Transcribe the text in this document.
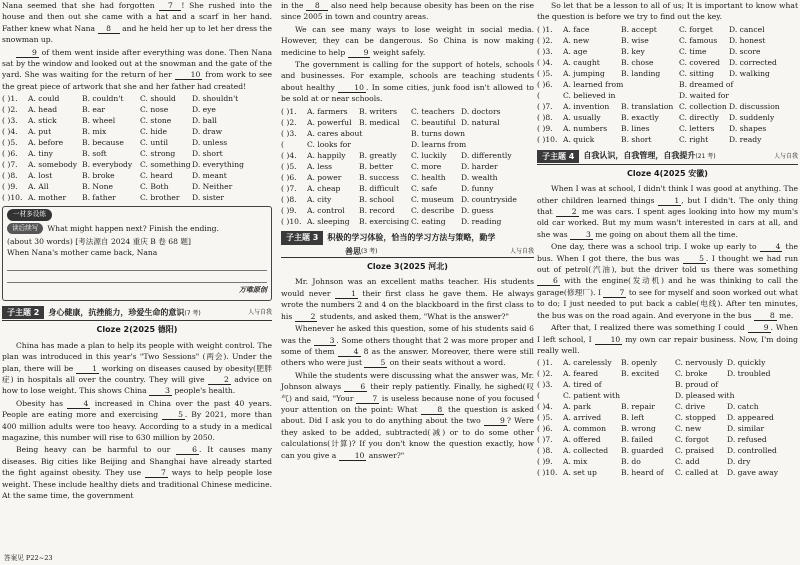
Nana seemed that she had forgotten 7 ! She rushed into the house and then out she came with a hat and a scarf in her hand. Father knew what Nana 8 and he held her up to let her dress the snowman up.

9 of them went inside after everything was done. Then Nana sat by the window and looked out at the snowman and the gate of the yard. She was waiting for the return of her 10 from work to see the great piece of artwork that she and her father had created!

( )1.	A. could	B. couldn't	C. should	D. shouldn't
( )2.	A. head	B. ear	C. nose	D. eye
( )3.	A. stick	B. wheel	C. stone	D. ball
( )4.	A. put	B. mix	C. hide	D. draw
( )5.	A. before	B. because	C. until	D. unless
( )6.	A. tiny	B. soft	C. strong	D. short
( )7.	A. somebody B. everybody	C. something D. everything
( )8.	A. lost	B. broke	C. heard	D. meant
( )9.	A. All	B. None	C. Both	D. Neither
( )10. A. mother	B. father	C. brother	D. sister
一材多设练
读后续写	What might happen next? Finish the ending.
(about 30 words) [考法源自 2024 重庆 B 卷 68 题]
When Nana's mother came back, Nana
万唯原创
子主题 2	身心健康，抗挫能力，珍爱生命的意识(7 考)	人与自我
Cloze 2(2025 德阳)

China has made a plan to help its people with weight control. The plan was introduced in this year's "Two Sessions" (两会). Under the plan, there will be 1 working on diseases caused by obesity(肥胖症) in hospitals all over the country. They will give 2 advice on how to lose weight. This shows China 3 people's health.

Obesity has 4 increased in China over the past 40 years. People are eating more and exercising 5 . By 2021, more than 400 million adults were too heavy. According to a study in a medical magazine, this number will rise to 630 million by 2050.

Being heavy can be harmful to our 6 . It causes many diseases. Big cities like Beijing and Shanghai have already started the fight against obesity. They use 7 ways to help people lose weight. These include healthy diets and traditional Chinese medicine. At the same time, the government

答案见 P22~23

in the 8 also need help because obesity has been on the rise since 2005 in town and country areas.

We can see many ways to lose weight in social media. However, they can be dangerous. So China is now making medicine to help 9 weight safely.

The government is calling for the support of hotels, schools and businesses. For example, schools are teaching students about healthy 10 . In some cities, junk food isn't allowed to be sold at or near schools.

( )1.	A. farmers	B. writers	C. teachers D. doctors
( )2.	A. powerful B. medical	C. beautiful D. natural
( )3.	A. cares about	B. turns down
(	C. looks for	D. learns from
( )4.	A. happily	B. greatly	C. luckily	D. differently
( )5.	A. less	B. better	C. more	D. harder
( )6.	A. power	B. success	C. health	D. wealth
( )7.	A. cheap	B. difficult	C. safe	D. funny
( )8.	A. city	B. school	C. museum D. countryside
( )9.	A. control	B. record	C. describe D. guess
( )10. A. sleeping	B. exercising C. eating	D. reading
子主题 3	积极的学习体验，恰当的学习方法与策略，勤学
善思 (3 考)	人与自我
Cloze 3(2025 河北)

Mr. Johnson was an excellent maths teacher. His students would never 1 their first class he gave them. He always wrote the numbers 2 and 4 on the blackboard in the first class to his 2 students, and asked them, "What is the answer?"

Whenever he asked this question, some of his students said 6 was the 3 . Some others thought that 2 was more proper and some of them 4 8 as the answer. Moreover, there were still others who were just 5 on their seats without a word.

While the students were discussing what the answer was, Mr. Johnson always 6 their reply patiently. Finally, he sighed(叹气) and said, "Your 7 is useless because none of you focused your attention on the point: What 8 the question is asked about. Did I ask you to do anything about the two 9 ? Were they asked to be added, subtracted(减) or to do some other calculations(计算)? If you don't know the question exactly, how can you give a 10 answer?"

So let that be a lesson to all of us; It is important to know what the question is before we try to find out the key.

( )1.	A. face	B. accept	C. forget	D. cancel
( )2.	A. new	B. wise	C. famous	D. honest
( )3.	A. age	B. key	C. time	D. score
( )4.	A. caught	B. chose	C. covered	D. corrected
( )5.	A. jumping	B. landing	C. sitting	D. walking
( )6.	A. learned from	B. dreamed of
(	C. believed in	D. waited for
( )7.	A. invention	B. translation C. collection D. discussion
( )8.	A. usually	B. exactly	C. directly	D. suddenly
( )9.	A. numbers	B. lines	C. letters	D. shapes
( )10. A. quick	B. short	C. right	D. ready
子主题 4	自我认识，自我管理，自我提升(21 考)	人与自我
Cloze 4(2025 安徽)

When I was at school, I didn't think I was good at anything. The other children learned things 1 , but I didn't. The only thing that 2 me was cars. I spent ages looking into how my mum's old car worked. But my mum wasn't interested in cars at all, and she was 3 me going on about them all the time.

One day, there was a school trip. I woke up early to 4 the bus. When I got there, the bus was 5 . I thought we had run out of petrol(汽油), but the driver told us there was something 6 with the engine(发动机) and he was thinking to call the garage(修理厂). I 7 to see for myself and soon worked out what to do; I just needed to put back a cable(电线). After ten minutes, the bus was on the road again. And everyone in the bus 8 me.

After that, I realized there was something I could 9 . When I left school, I 10 my own car repair business. Now, I'm doing really well.

( )1.	A. carelessly	B. openly	C. nervously D. quickly
( )2.	A. feared	B. excited	C. broke	D. troubled
( )3.	A. tired of	B. proud of
(	C. patient with	D. pleased with
( )4.	A. park	B. repair	C. drive	D. catch
( )5.	A. arrived	B. left	C. stopped	D. appeared
( )6.	A. common	B. wrong	C. new	D. similar
( )7.	A. offered	B. failed	C. forgot	D. refused
( )8.	A. collected	B. guarded	C. praised	D. controlled
( )9.	A. mix	B. do	C. add	D. dry
( )10. A. set up	B. heard of	C. called at	D. gave away
